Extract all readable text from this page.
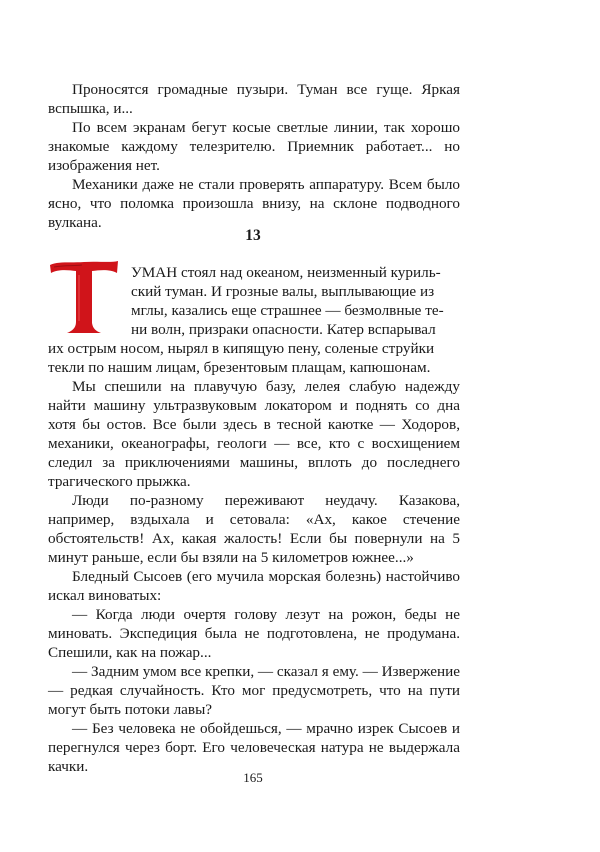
Проносятся громадные пузыри. Туман все гуще. Яркая вспышка, и...

По всем экранам бегут косые светлые линии, так хорошо знакомые каждому телезрителю. Приемник работает... но изображения нет.

Механики даже не стали проверять аппаратуру. Всем было ясно, что поломка произошла внизу, на склоне подводного вулкана.

13
УМАН стоял над океаном, неизменный куриль-
ский туман. И грозные валы, выплывающие из
мглы, казались еще страшнее — безмолвные те-
ни волн, призраки опасности. Катер вспарывал
их острым носом, нырял в кипящую пену, соленые струйки
текли по нашим лицам, брезентовым плащам, капюшонам.

Мы спешили на плавучую базу, лелея слабую надежду найти машину ультразвуковым локатором и поднять со дна хотя бы остов. Все были здесь в тесной каютке — Ходоров, механики, океанографы, геологи — все, кто с восхищением следил за приключениями машины, вплоть до последнего трагического прыжка.

Люди по-разному переживают неудачу. Казакова, например, вздыхала и сетовала: «Ах, какое стечение обстоятельств! Ах, какая жалость! Если бы повернули на 5 минут раньше, если бы взяли на 5 километров южнее...»

Бледный Сысоев (его мучила морская болезнь) настойчиво искал виноватых:

— Когда люди очертя голову лезут на рожон, беды не миновать. Экспедиция была не подготовлена, не продумана. Спешили, как на пожар...

— Задним умом все крепки, — сказал я ему. — Извержение — редкая случайность. Кто мог предусмотреть, что на пути могут быть потоки лавы?

— Без человека не обойдешься, — мрачно изрек Сысоев и перегнулся через борт. Его человеческая натура не выдержала качки.

165
